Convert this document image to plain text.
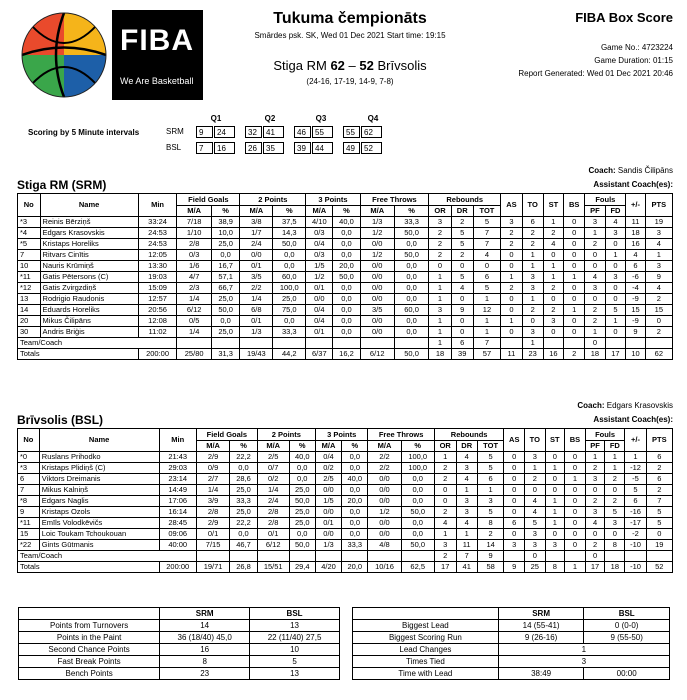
FIBA
We Are Basketball
Tukuma čempionāts
Smārdes psk. SK, Wed 01 Dec 2021 Start time: 19:15
Stiga RM 62 – 52 Brīvsolis
(24-16, 17-19, 14-9, 7-8)
FIBA Box Score
Game No.: 4723224
Game Duration: 01:15
Report Generated: Wed 01 Dec 2021 20:46
Scoring by 5 Minute intervals
Q1	Q2	Q3	Q4
SRM
BSL
9	24	32	41	46	55	55	62
7	16	26	35	39	44	49	52
Coach: Sandis Čilipāns
Stiga RM (SRM)	Assistant Coach(es):
No	Name	Min	Field Goals		2 Points		3 Points		Free Throws		Rebounds			AS	TO	ST	BS	Fouls		+/-	PTS
			M/A	%	M/A	%	M/A	%	M/A	%	OR	DR	TOT					PF	FD		
*3	Reinis Bērziņš	33:24	7/18	38,9	3/8	37,5	4/10	40,0	1/3	33,3	3	2	5	3	6	1	0	3	4	11	19
*4	Edgars Krasovskis	24:53	1/10	10,0	1/7	14,3	0/3	0,0	1/2	50,0	2	5	7	2	2	2	0	1	3	18	3
*5	Kristaps Horeliks	24:53	2/8	25,0	2/4	50,0	0/4	0,0	0/0	0,0	2	5	7	2	2	4	0	2	0	16	4
7	Ritvars Cinītis	12:05	0/3	0,0	0/0	0,0	0/3	0,0	1/2	50,0	2	2	4	0	1	0	0	0	1	4	1
10	Nauris Krūmiņš	13:30	1/6	16,7	0/1	0,0	1/5	20,0	0/0	0,0	0	0	0	0	1	1	0	0	0	6	3
*11	Gatis Pētersons (C)	19:03	4/7	57,1	3/5	60,0	1/2	50,0	0/0	0,0	1	5	6	1	3	1	1	4	3	-6	9
*12	Gatis Zvirgzdiņš	15:09	2/3	66,7	2/2	100,0	0/1	0,0	0/0	0,0	1	4	5	2	3	2	0	3	0	-4	4
13	Rodrigio Raudonis	12:57	1/4	25,0	1/4	25,0	0/0	0,0	0/0	0,0	1	0	1	0	1	0	0	0	0	-9	2
14	Eduards Horeliks	20:56	6/12	50,0	6/8	75,0	0/4	0,0	3/5	60,0	3	9	12	0	2	2	1	2	5	15	15
20	Mikus Čilipāns	12:08	0/5	0,0	0/1	0,0	0/4	0,0	0/0	0,0	1	0	1	1	0	3	0	2	1	-9	0
30	Andris Briģis	11:02	1/4	25,0	1/3	33,3	0/1	0,0	0/0	0,0	1	0	1	0	3	0	0	1	0	9	2
Team/Coach											1	6	7		1			0			
Totals		200:00	25/80	31,3	19/43	44,2	6/37	16,2	6/12	50,0	18	39	57	11	23	16	2	18	17	10	62
Coach: Edgars Krasovskis
Brīvsolis (BSL)	Assistant Coach(es):
No	Name	Min	Field Goals		2 Points		3 Points		Free Throws		Rebounds			AS	TO	ST	BS	Fouls		+/-	PTS
			M/A	%	M/A	%	M/A	%	M/A	%	OR	DR	TOT					PF	FD		
*0	Ruslans Prihodko	21:43	2/9	22,2	2/5	40,0	0/4	0,0	2/2	100,0	1	4	5	0	3	0	0	1	1	1	6
*3	Kristaps Plidiņš (C)	29:03	0/9	0,0	0/7	0,0	0/2	0,0	2/2	100,0	2	3	5	0	1	1	0	2	1	-12	2
6	Viktors Dreimanis	23:14	2/7	28,6	0/2	0,0	2/5	40,0	0/0	0,0	2	4	6	0	2	0	1	3	2	-5	6
7	Mikus Kalniņš	14:49	1/4	25,0	1/4	25,0	0/0	0,0	0/0	0,0	0	1	1	0	0	0	0	0	0	5	2
*8	Edgars Naglis	17:06	3/9	33,3	2/4	50,0	1/5	20,0	0/0	0,0	0	3	3	0	4	1	0	2	2	6	7
9	Kristaps Ozols	16:14	2/8	25,0	2/8	25,0	0/0	0,0	1/2	50,0	2	3	5	0	4	1	0	3	5	-16	5
*11	Emīls Volodkēvičs	28:45	2/9	22,2	2/8	25,0	0/1	0,0	0/0	0,0	4	4	8	6	5	1	0	4	3	-17	5
15	Loic Toukam Tchoukouan	09:06	0/1	0,0	0/1	0,0	0/0	0,0	0/0	0,0	1	1	2	0	3	0	0	0	0	-2	0
*22	Gints Gūtmanis	40:00	7/15	46,7	6/12	50,0	1/3	33,3	4/8	50,0	3	11	14	3	3	3	0	2	8	-10	19
Team/Coach											2	7	9		0			0			
Totals		200:00	19/71	26,8	15/51	29,4	4/20	20,0	10/16	62,5	17	41	58	9	25	8	1	17	18	-10	52
	SRM	BSL
Points from Turnovers	14	13
Points in the Paint	36 (18/40) 45,0	22 (11/40) 27,5
Second Chance Points	16	10
Fast Break Points	8	5
Bench Points	23	13
	SRM	BSL
Biggest Lead	14 (55-41)	0 (0-0)
Biggest Scoring Run	9 (26-16)	9 (55-50)
Lead Changes	1	
Times Tied	3	
Time with Lead	38:49	00:00
